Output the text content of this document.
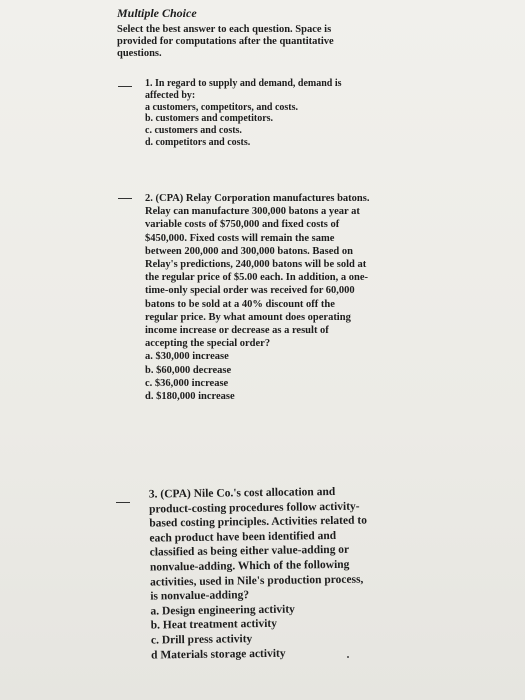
Multiple Choice
Select the best answer to each question. Space is provided for computations after the quantitative questions.

1. In regard to supply and demand, demand is affected by:

a customers, competitors, and costs.
b. customers and competitors.
c. customers and costs.
d. competitors and costs.

2. (CPA) Relay Corporation manufactures batons. Relay can manufacture 300,000 batons a year at variable costs of $750,000 and fixed costs of $450,000. Fixed costs will remain the same between 200,000 and 300,000 batons. Based on Relay's predictions, 240,000 batons will be sold at the regular price of $5.00 each. In addition, a one-time-only special order was received for 60,000 batons to be sold at a 40% discount off the regular price. By what amount does operating income increase or decrease as a result of accepting the special order?

a. $30,000 increase
b. $60,000 decrease
c. $36,000 increase
d. $180,000 increase

3. (CPA) Nile Co.'s cost allocation and product-costing procedures follow activity-based costing principles. Activities related to each product have been identified and classified as being either value-adding or nonvalue-adding. Which of the following activities, used in Nile's production process, is nonvalue-adding?

a. Design engineering activity
b. Heat treatment activity
c. Drill press activity
d Materials storage activity
